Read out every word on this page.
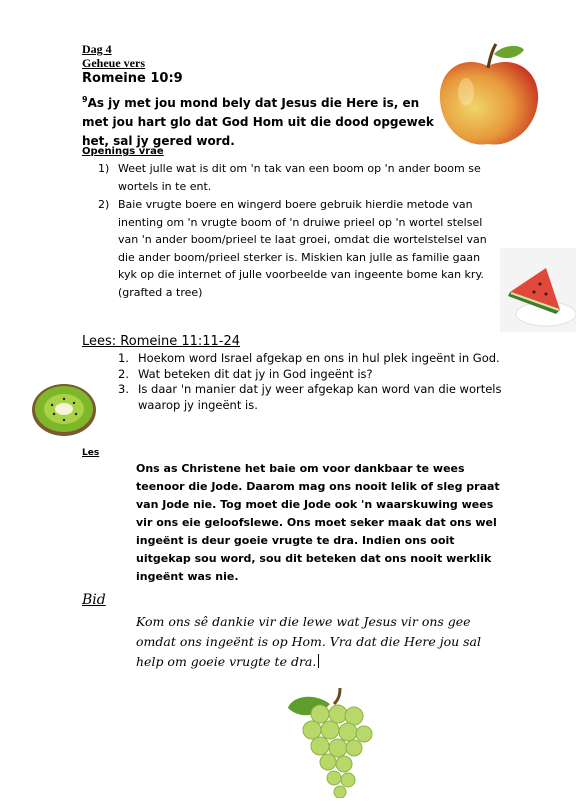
Dag 4
Geheue vers
Romeine 10:9
$^9$As jy met jou mond bely dat Jesus die Here is, en met jou hart glo dat God Hom uit die dood opgewek het, sal jy gered word.
Openings vrae
1) Weet julle wat is dit om 'n tak van een boom op 'n ander boom se wortels in te ent.
2) Baie vrugte boere en wingerd boere gebruik hierdie metode van inenting om 'n vrugte boom of 'n druiwe prieel op 'n wortel stelsel van 'n ander boom/prieel te laat groei, omdat die wortelstelsel van die ander boom/prieel sterker is. Miskien kan julle as familie gaan kyk op die internet of julle voorbeelde van ingeente bome kan kry. (grafted a tree)
Lees: Romeine 11:11-24
1. Hoekom word Israel afgekap en ons in hul plek ingeënt in God.
2. Wat beteken dit dat jy in God ingeënt is?
3. Is daar 'n manier dat jy weer afgekap kan word van die wortels waarop jy ingeënt is.
Les
Ons as Christene het baie om voor dankbaar te wees teenoor die Jode. Daarom mag ons nooit lelik of sleg praat van Jode nie. Tog moet die Jode ook 'n waarskuwing wees vir ons eie geloofslewe. Ons moet seker maak dat ons wel ingeënt is deur goeie vrugte te dra. Indien ons ooit uitgekap sou word, sou dit beteken dat ons nooit werklik ingeënt was nie.
Bid
Kom ons sê dankie vir die lewe wat Jesus vir ons gee omdat ons ingeënt is op Hom. Vra dat die Here jou sal help om goeie vrugte te dra.
